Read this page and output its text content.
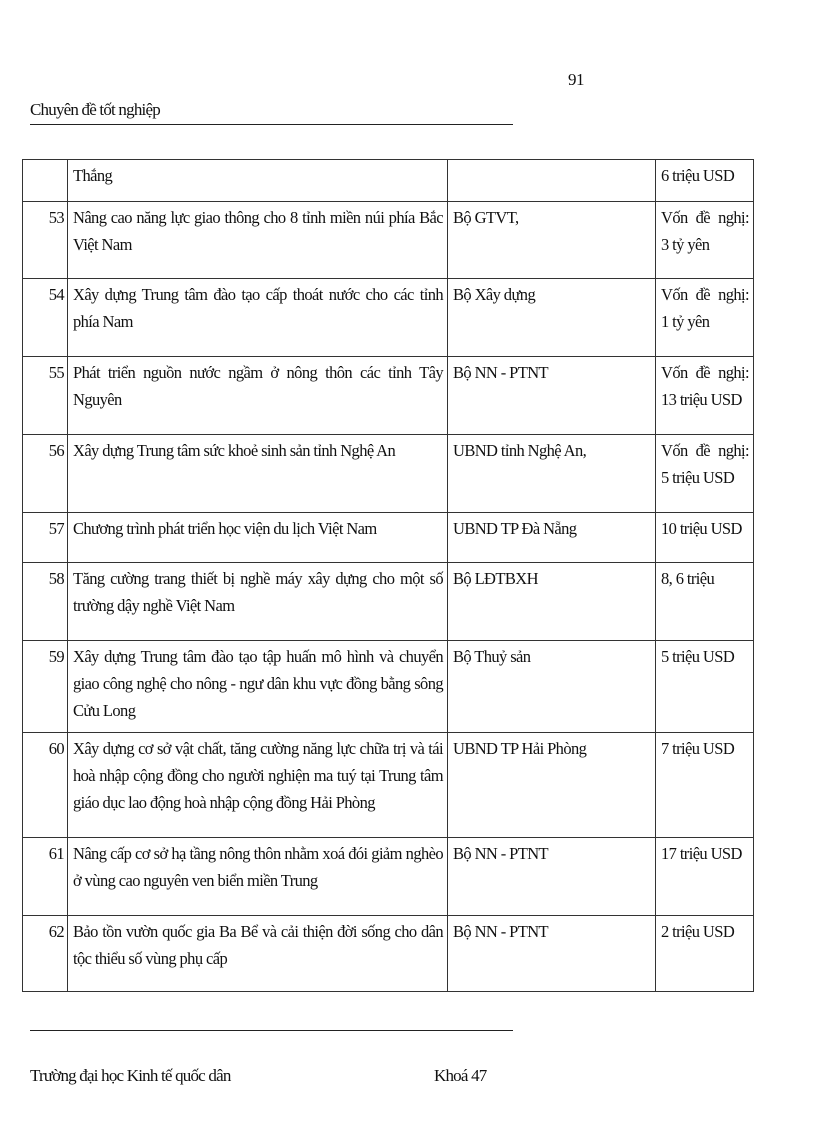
91
Chuyên đề tốt nghiệp
	Thắng		6 triệu USD
53	Nâng cao năng lực giao thông cho 8 tỉnh miền núi phía Bắc Việt Nam	Bộ GTVT,	Vốn đề nghị: 3 tỷ yên
54	Xây dựng Trung tâm đào tạo cấp thoát nước cho các tỉnh phía Nam	Bộ Xây dựng	Vốn đề nghị: 1 tỷ yên
55	Phát triển nguồn nước ngầm ở nông thôn các tỉnh Tây Nguyên	Bộ NN - PTNT	Vốn đề nghị: 13 triệu USD
56	Xây dựng Trung tâm sức khoẻ sinh sản tỉnh Nghệ An	UBND tỉnh Nghệ An,	Vốn đề nghị: 5 triệu USD
57	Chương trình phát triển học viện du lịch Việt Nam	UBND TP Đà Nẵng	10 triệu USD
58	Tăng cường trang thiết bị nghề máy xây dựng cho một số trường dậy nghề Việt Nam	Bộ LĐTBXH	8, 6 triệu
59	Xây dựng Trung tâm đào tạo tập huấn mô hình và chuyển giao công nghệ cho nông - ngư dân khu vực đồng bằng sông Cửu Long	Bộ Thuỷ sản	5 triệu USD
60	Xây dựng cơ sở vật chất, tăng cường năng lực chữa trị và tái hoà nhập cộng đồng cho người nghiện ma tuý tại Trung tâm giáo dục lao động hoà nhập cộng đồng Hải Phòng	UBND TP Hải Phòng	7 triệu USD
61	Nâng cấp cơ sở hạ tầng nông thôn nhằm xoá đói giảm nghèo ở vùng cao nguyên ven biển miền Trung	Bộ NN - PTNT	17 triệu USD
62	Bảo tồn vườn quốc gia Ba Bể và cải thiện đời sống cho dân tộc thiểu số vùng phụ cấp	Bộ NN - PTNT	2 triệu USD
Trường đại học Kinh tế quốc dân	Khoá 47
